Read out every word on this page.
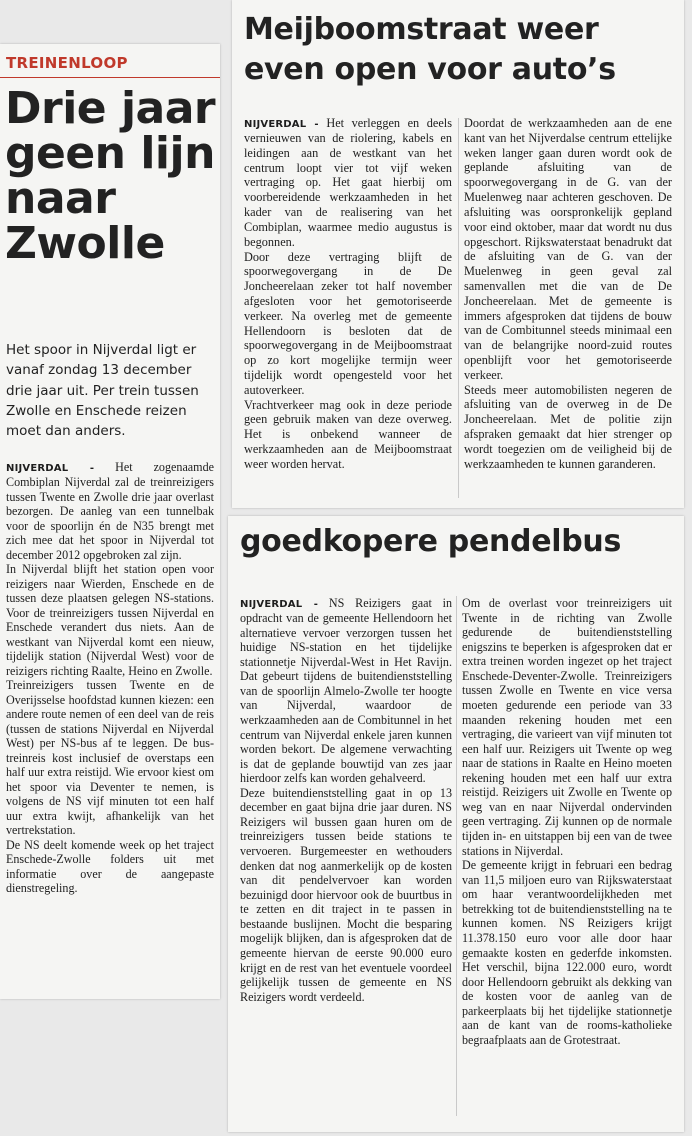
TREINENLOOP
Drie jaar
geen lijn
naar
Zwolle

Het spoor in Nijverdal ligt er vanaf zondag 13 december drie jaar uit. Per trein tussen Zwolle en Enschede reizen moet dan anders.

NIJVERDAL - Het zogenaamde Combiplan Nijverdal zal de treinreizigers tussen Twente en Zwolle drie jaar overlast bezorgen. De aanleg van een tunnelbak voor de spoorlijn én de N35 brengt met zich mee dat het spoor in Nijverdal tot december 2012 opgebroken zal zijn.

In Nijverdal blijft het station open voor reizigers naar Wierden, Enschede en de tussen deze plaatsen gelegen NS-stations. Voor de treinreizigers tussen Nijverdal en Enschede verandert dus niets. Aan de westkant van Nijverdal komt een nieuw, tijdelijk station (Nijverdal West) voor de reizigers richting Raalte, Heino en Zwolle.

Treinreizigers tussen Twente en de Overijsselse hoofdstad kunnen kiezen: een andere route nemen of een deel van de reis (tussen de stations Nijverdal en Nijverdal West) per NS-bus af te leggen. De bus-treinreis kost inclusief de overstaps een half uur extra reistijd. Wie ervoor kiest om het spoor via Deventer te nemen, is volgens de NS vijf minuten tot een half uur extra kwijt, afhankelijk van het vertrekstation.

De NS deelt komende week op het traject Enschede-Zwolle folders uit met informatie over de aangepaste dienstregeling.

Meijboomstraat weer
even open voor auto’s

NIJVERDAL - Het verleggen en deels vernieuwen van de riolering, kabels en leidingen aan de westkant van het centrum loopt vier tot vijf weken vertraging op. Het gaat hierbij om voorbereidende werkzaamheden in het kader van de realisering van het Combiplan, waarmee medio augustus is begonnen.

Door deze vertraging blijft de spoorwegovergang in de De Joncheerelaan zeker tot half november afgesloten voor het gemotoriseerde verkeer. Na overleg met de gemeente Hellendoorn is besloten dat de spoorwegovergang in de Meijboomstraat op zo kort mogelijke termijn weer tijdelijk wordt opengesteld voor het autoverkeer.

Vrachtverkeer mag ook in deze periode geen gebruik maken van deze overweg. Het is onbekend wanneer de werkzaamheden aan de Meijboomstraat weer worden hervat.

Doordat de werkzaamheden aan de ene kant van het Nijverdalse centrum ettelijke weken langer gaan duren wordt ook de geplande afsluiting van de spoorwegovergang in de G. van der Muelenweg naar achteren geschoven. De afsluiting was oorspronkelijk gepland voor eind oktober, maar dat wordt nu dus opgeschort. Rijkswaterstaat benadrukt dat de afsluiting van de G. van der Muelenweg in geen geval zal samenvallen met die van de De Joncheerelaan. Met de gemeente is immers afgesproken dat tijdens de bouw van de Combitunnel steeds minimaal een van de belangrijke noord-zuid routes openblijft voor het gemotoriseerde verkeer.

Steeds meer automobilisten negeren de afsluiting van de overweg in de De Joncheerelaan. Met de politie zijn afspraken gemaakt dat hier strenger op wordt toegezien om de veiligheid bij de werkzaamheden te kunnen garanderen.

goedkopere pendelbus

NIJVERDAL - NS Reizigers gaat in opdracht van de gemeente Hellendoorn het alternatieve vervoer verzorgen tussen het huidige NS-station en het tijdelijke stationnetje Nijverdal-West in Het Ravijn. Dat gebeurt tijdens de buitendienststelling van de spoorlijn Almelo-Zwolle ter hoogte van Nijverdal, waardoor de werkzaamheden aan de Combitunnel in het centrum van Nijverdal enkele jaren kunnen worden bekort. De algemene verwachting is dat de geplande bouwtijd van zes jaar hierdoor zelfs kan worden gehalveerd.

Deze buitendienststelling gaat in op 13 december en gaat bijna drie jaar duren. NS Reizigers wil bussen gaan huren om de treinreizigers tussen beide stations te vervoeren. Burgemeester en wethouders denken dat nog aanmerkelijk op de kosten van dit pendelvervoer kan worden bezuinigd door hiervoor ook de buurtbus in te zetten en dit traject in te passen in bestaande buslijnen. Mocht die besparing mogelijk blijken, dan is afgesproken dat de gemeente hiervan de eerste 90.000 euro krijgt en de rest van het eventuele voordeel gelijkelijk tussen de gemeente en NS Reizigers wordt verdeeld.

Om de overlast voor treinreizigers uit Twente in de richting van Zwolle gedurende de buitendienststelling enigszins te beperken is afgesproken dat er extra treinen worden ingezet op het traject Enschede-Deventer-Zwolle. Treinreizigers tussen Zwolle en Twente en vice versa moeten gedurende een periode van 33 maanden rekening houden met een vertraging, die varieert van vijf minuten tot een half uur. Reizigers uit Twente op weg naar de stations in Raalte en Heino moeten rekening houden met een half uur extra reistijd. Reizigers uit Zwolle en Twente op weg van en naar Nijverdal ondervinden geen vertraging. Zij kunnen op de normale tijden in- en uitstappen bij een van de twee stations in Nijverdal.

De gemeente krijgt in februari een bedrag van 11,5 miljoen euro van Rijkswaterstaat om haar verantwoordelijkheden met betrekking tot de buitendienststelling na te kunnen komen. NS Reizigers krijgt 11.378.150 euro voor alle door haar gemaakte kosten en gederfde inkomsten. Het verschil, bijna 122.000 euro, wordt door Hellendoorn gebruikt als dekking van de kosten voor de aanleg van de parkeerplaats bij het tijdelijke stationnetje aan de kant van de rooms-katholieke begraafplaats aan de Grotestraat.
